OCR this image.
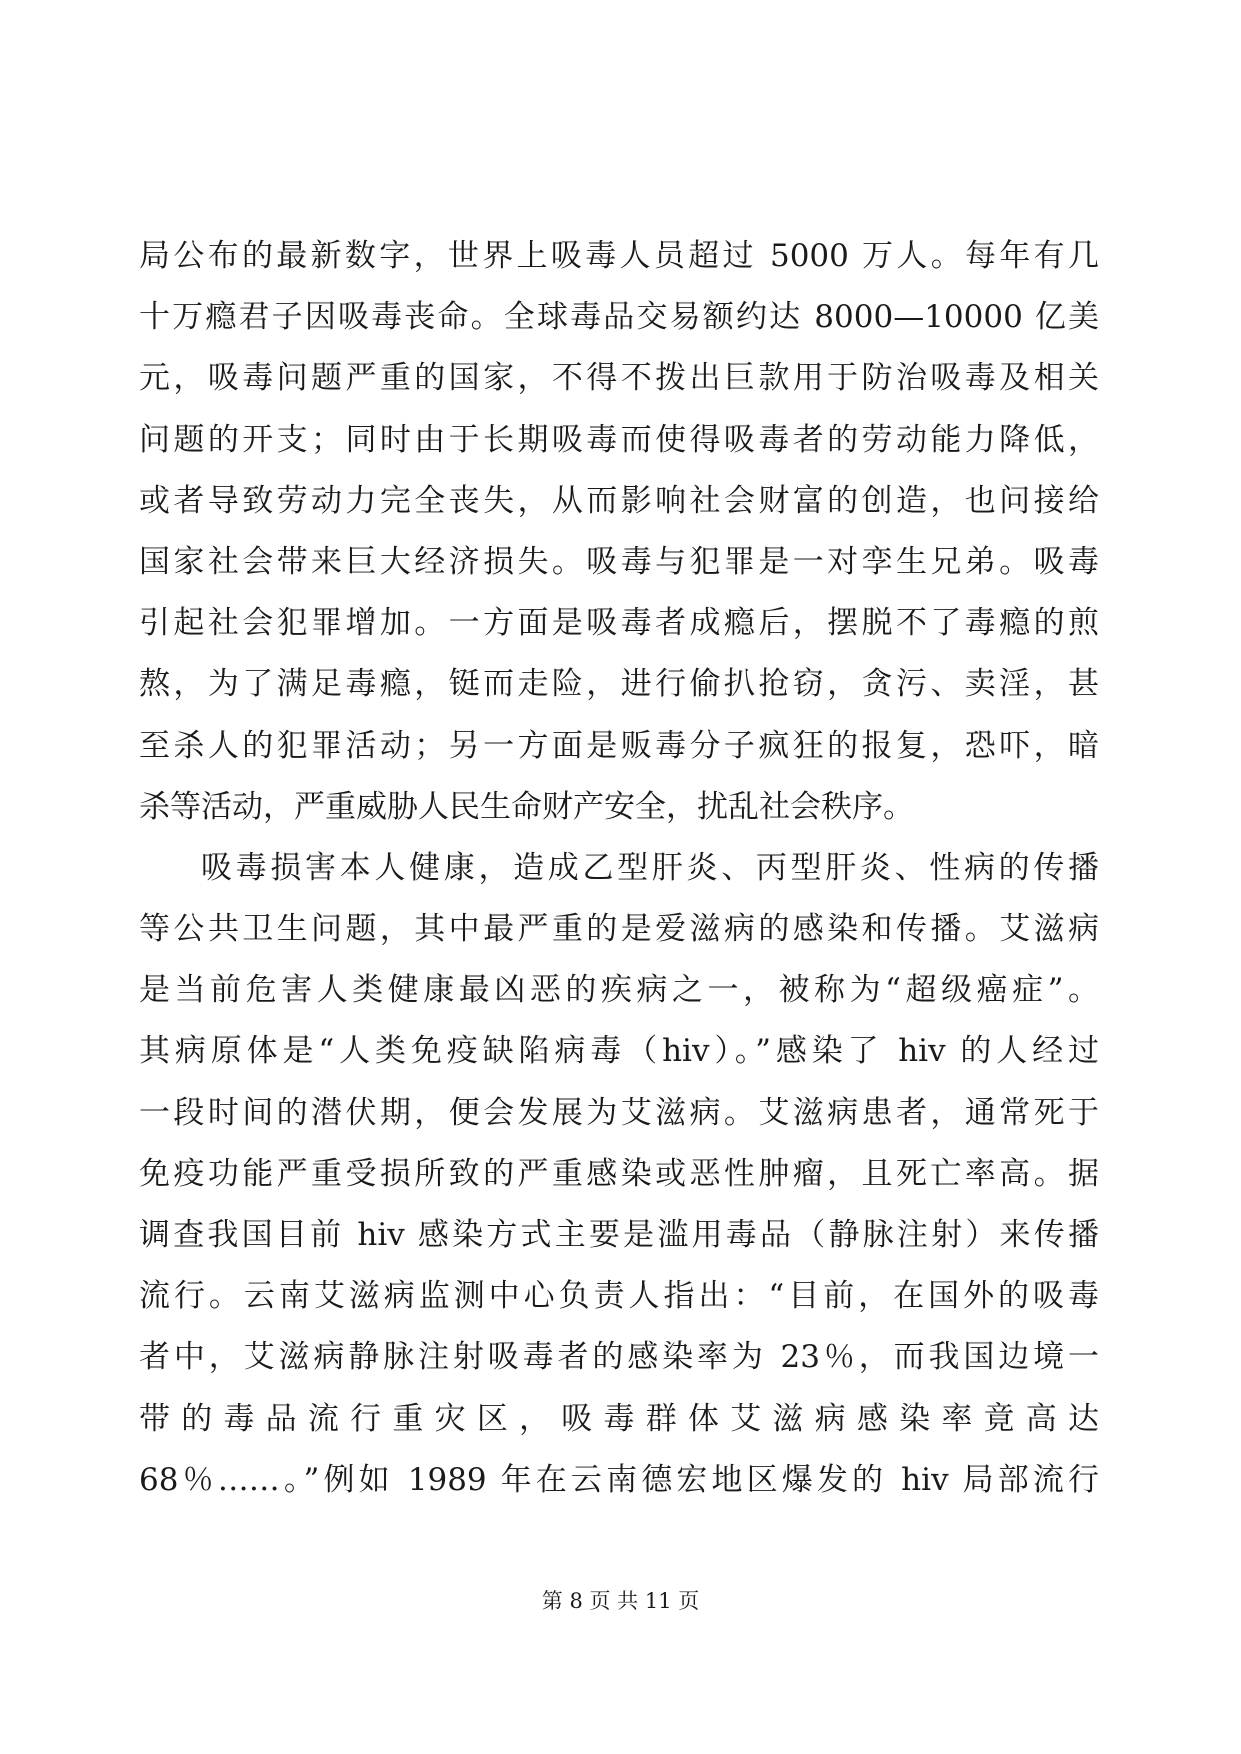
局公布的最新数字，世界上吸毒人员超过 5000 万人。每年有几
十万瘾君子因吸毒丧命。全球毒品交易额约达 8000—10000 亿美
元，吸毒问题严重的国家，不得不拨出巨款用于防治吸毒及相关
问题的开支；同时由于长期吸毒而使得吸毒者的劳动能力降低，
或者导致劳动力完全丧失，从而影响社会财富的创造，也问接给
国家社会带来巨大经济损失。吸毒与犯罪是一对孪生兄弟。吸毒
引起社会犯罪增加。一方面是吸毒者成瘾后，摆脱不了毒瘾的煎
熬，为了满足毒瘾，铤而走险，进行偷扒抢窃，贪污、卖淫，甚
至杀人的犯罪活动；另一方面是贩毒分子疯狂的报复，恐吓，暗
杀等活动，严重威胁人民生命财产安全，扰乱社会秩序。
吸毒损害本人健康，造成乙型肝炎、丙型肝炎、性病的传播
等公共卫生问题，其中最严重的是爱滋病的感染和传播。艾滋病
是当前危害人类健康最凶恶的疾病之一，被称为“超级癌症”。
其病原体是“人类免疫缺陷病毒（hiv）。”感染了 hiv 的人经过
一段时间的潜伏期，便会发展为艾滋病。艾滋病患者，通常死于
免疫功能严重受损所致的严重感染或恶性肿瘤，且死亡率高。据
调查我国目前 hiv 感染方式主要是滥用毒品（静脉注射）来传播
流行。云南艾滋病监测中心负责人指出：“目前，在国外的吸毒
者中，艾滋病静脉注射吸毒者的感染率为 23％，而我国边境一
带的毒品流行重灾区，吸毒群体艾滋病感染率竟高达
68％……。”例如 1989 年在云南德宏地区爆发的 hiv 局部流行
第 8 页 共 11 页
